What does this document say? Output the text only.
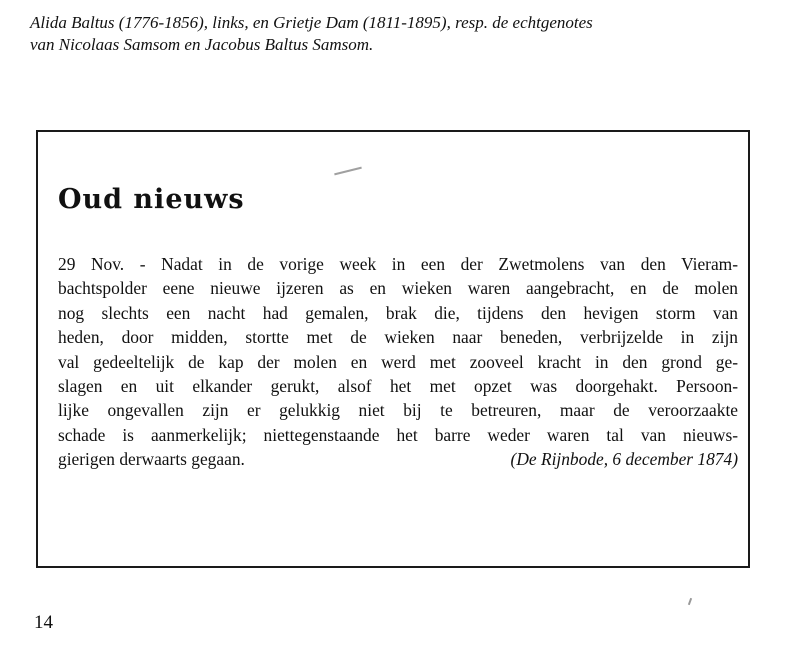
Alida Baltus (1776-1856), links, en Grietje Dam (1811-1895), resp. de echtgenotes
van Nicolaas Samsom en Jacobus Baltus Samsom.
Oud nieuws
29 Nov. - Nadat in de vorige week in een der Zwetmolens van den Vieram-
bachtspolder eene nieuwe ijzeren as en wieken waren aangebracht, en de molen
nog slechts een nacht had gemalen, brak die, tijdens den hevigen storm van
heden, door midden, stortte met de wieken naar beneden, verbrijzelde in zijn
val gedeeltelijk de kap der molen en werd met zooveel kracht in den grond ge-
slagen en uit elkander gerukt, alsof het met opzet was doorgehakt. Persoon-
lijke ongevallen zijn er gelukkig niet bij te betreuren, maar de veroorzaakte
schade is aanmerkelijk; niettegenstaande het barre weder waren tal van nieuws-
gierigen derwaarts gegaan.	(De Rijnbode, 6 december 1874)

14
